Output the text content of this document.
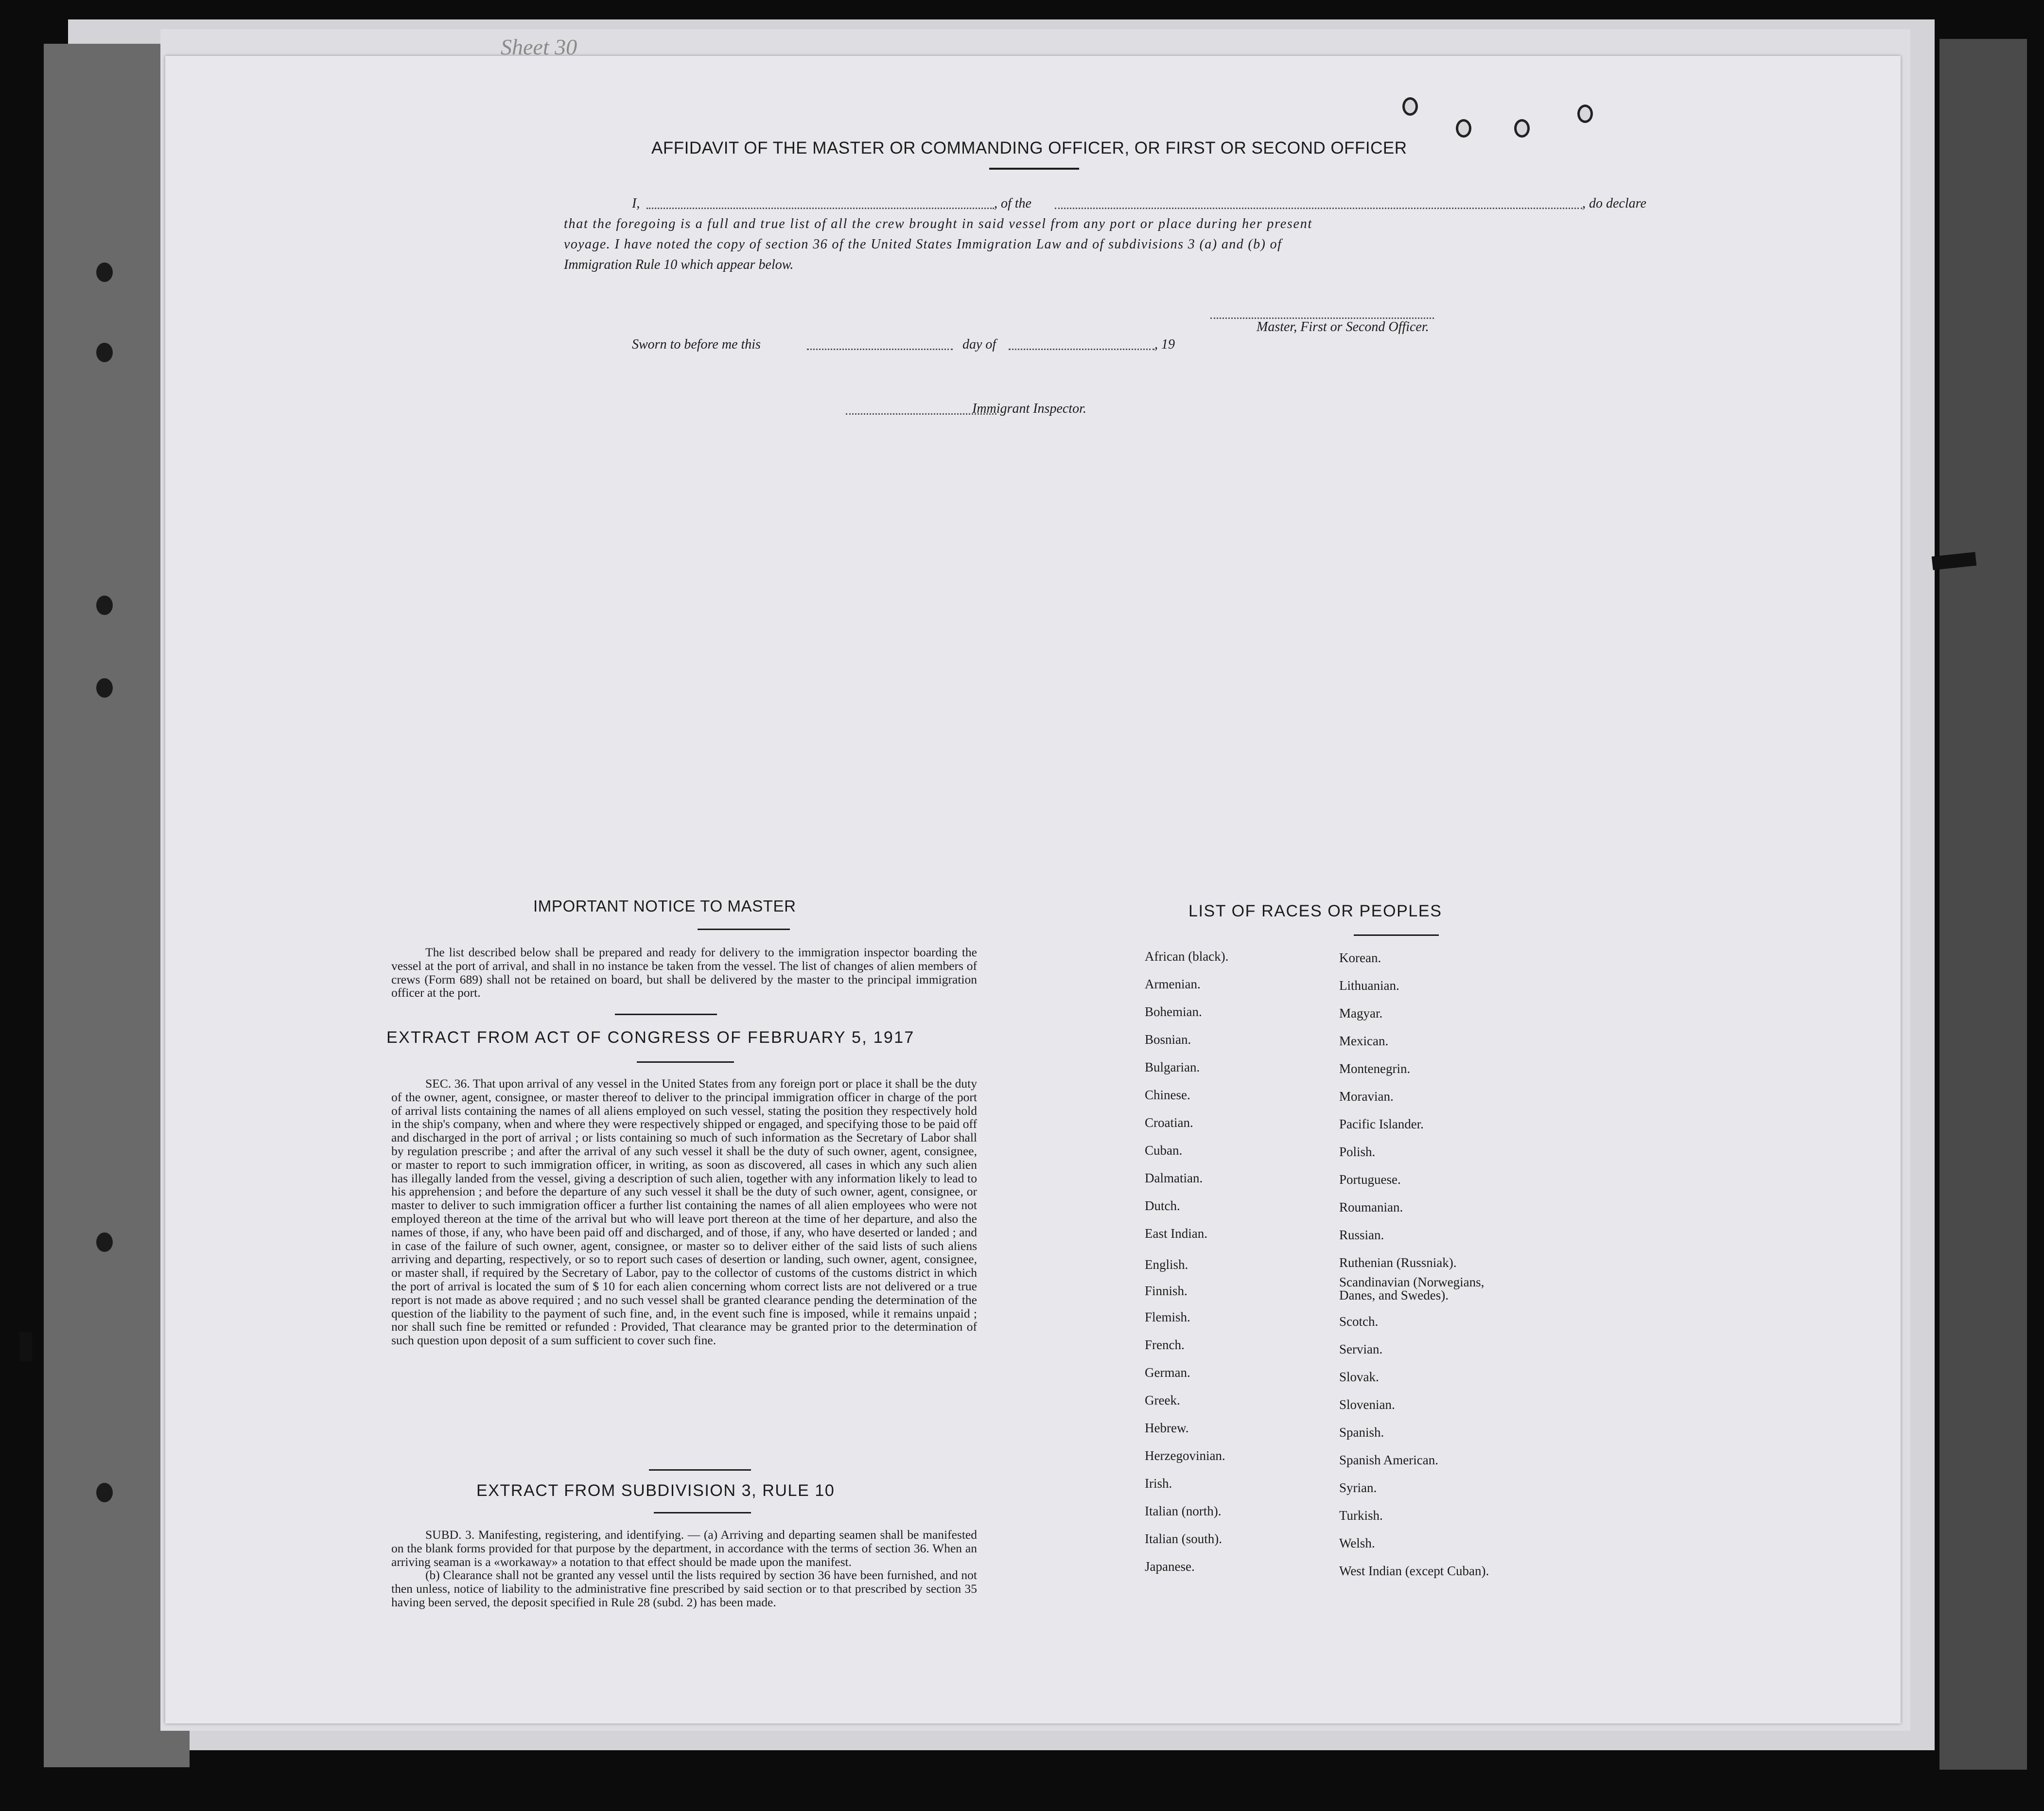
Sheet 30
AFFIDAVIT OF THE MASTER OR COMMANDING OFFICER, OR FIRST OR SECOND OFFICER
I,	, of the	, do declare
that the foregoing is a full and true list of all the crew brought in said vessel from any port or place during her present
voyage. I have noted the copy of section 36 of the United States Immigration Law and of subdivisions 3 (a) and (b) of
Immigration Rule 10 which appear below.
Master, First or Second Officer.
Sworn to before me this	day of	, 19
Immigrant Inspector.
IMPORTANT NOTICE TO MASTER

The list described below shall be prepared and ready for delivery to the immigration inspector boarding the vessel at the port of arrival, and shall in no instance be taken from the vessel. The list of changes of alien members of crews (Form 689) shall not be retained on board, but shall be delivered by the master to the principal immigration officer at the port.

EXTRACT FROM ACT OF CONGRESS OF FEBRUARY 5, 1917

SEC. 36. That upon arrival of any vessel in the United States from any foreign port or place it shall be the duty of the owner, agent, consignee, or master thereof to deliver to the principal immigration officer in charge of the port of arrival lists containing the names of all aliens employed on such vessel, stating the position they respectively hold in the ship's company, when and where they were respectively shipped or engaged, and specifying those to be paid off and discharged in the port of arrival ; or lists containing so much of such information as the Secretary of Labor shall by regulation prescribe ; and after the arrival of any such vessel it shall be the duty of such owner, agent, consignee, or master to report to such immigration officer, in writing, as soon as discovered, all cases in which any such alien has illegally landed from the vessel, giving a description of such alien, together with any information likely to lead to his apprehension ; and before the departure of any such vessel it shall be the duty of such owner, agent, consignee, or master to deliver to such immigration officer a further list containing the names of all alien employees who were not employed thereon at the time of the arrival but who will leave port thereon at the time of her departure, and also the names of those, if any, who have been paid off and discharged, and of those, if any, who have deserted or landed ; and in case of the failure of such owner, agent, consignee, or master so to deliver either of the said lists of such aliens arriving and departing, respectively, or so to report such cases of desertion or landing, such owner, agent, consignee, or master shall, if required by the Secretary of Labor, pay to the collector of customs of the customs district in which the port of arrival is located the sum of $ 10 for each alien concerning whom correct lists are not delivered or a true report is not made as above required ; and no such vessel shall be granted clearance pending the determination of the question of the liability to the payment of such fine, and, in the event such fine is imposed, while it remains unpaid ; nor shall such fine be remitted or refunded : Provided, That clearance may be granted prior to the determination of such question upon deposit of a sum sufficient to cover such fine.

EXTRACT FROM SUBDIVISION 3, RULE 10

SUBD. 3. Manifesting, registering, and identifying. — (a) Arriving and departing seamen shall be manifested on the blank forms provided for that purpose by the department, in accordance with the terms of section 36. When an arriving seaman is a «workaway» a notation to that effect should be made upon the manifest.

(b) Clearance shall not be granted any vessel until the lists required by section 36 have been furnished, and not then unless, notice of liability to the administrative fine prescribed by said section or to that prescribed by section 35 having been served, the deposit specified in Rule 28 (subd. 2) has been made.

LIST OF RACES OR PEOPLES
African (black).
Armenian.
Bohemian.
Bosnian.
Bulgarian.
Chinese.
Croatian.
Cuban.
Dalmatian.
Dutch.
East Indian.
English.
Finnish.
Flemish.
French.
German.
Greek.
Hebrew.
Herzegovinian.
Irish.
Italian (north).
Italian (south).
Japanese.
Korean.
Lithuanian.
Magyar.
Mexican.
Montenegrin.
Moravian.
Pacific Islander.
Polish.
Portuguese.
Roumanian.
Russian.
Ruthenian (Russniak).
Scandinavian (Norwegians,
Danes, and Swedes).
Scotch.
Servian.
Slovak.
Slovenian.
Spanish.
Spanish American.
Syrian.
Turkish.
Welsh.
West Indian (except Cuban).
